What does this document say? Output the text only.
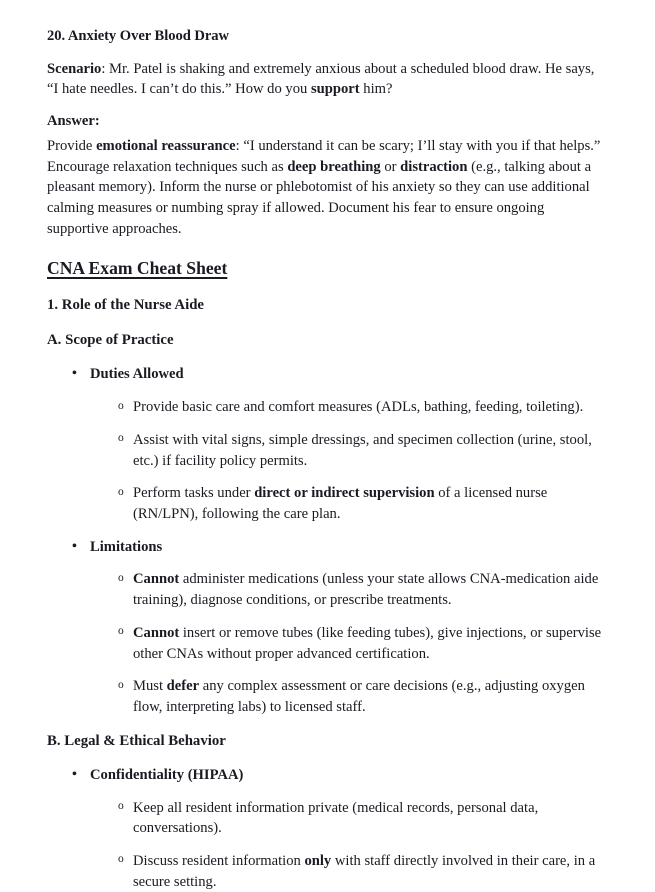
20. Anxiety Over Blood Draw
Scenario: Mr. Patel is shaking and extremely anxious about a scheduled blood draw. He says, “I hate needles. I can’t do this.” How do you support him?
Answer:
Provide emotional reassurance: “I understand it can be scary; I’ll stay with you if that helps.” Encourage relaxation techniques such as deep breathing or distraction (e.g., talking about a pleasant memory). Inform the nurse or phlebotomist of his anxiety so they can use additional calming measures or numbing spray if allowed. Document his fear to ensure ongoing supportive approaches.
CNA Exam Cheat Sheet
1. Role of the Nurse Aide
A. Scope of Practice
• Duties Allowed
o Provide basic care and comfort measures (ADLs, bathing, feeding, toileting).
o Assist with vital signs, simple dressings, and specimen collection (urine, stool, etc.) if facility policy permits.
o Perform tasks under direct or indirect supervision of a licensed nurse (RN/LPN), following the care plan.
• Limitations
o Cannot administer medications (unless your state allows CNA-medication aide training), diagnose conditions, or prescribe treatments.
o Cannot insert or remove tubes (like feeding tubes), give injections, or supervise other CNAs without proper advanced certification.
o Must defer any complex assessment or care decisions (e.g., adjusting oxygen flow, interpreting labs) to licensed staff.
B. Legal & Ethical Behavior
• Confidentiality (HIPAA)
o Keep all resident information private (medical records, personal data, conversations).
o Discuss resident information only with staff directly involved in their care, in a secure setting.
